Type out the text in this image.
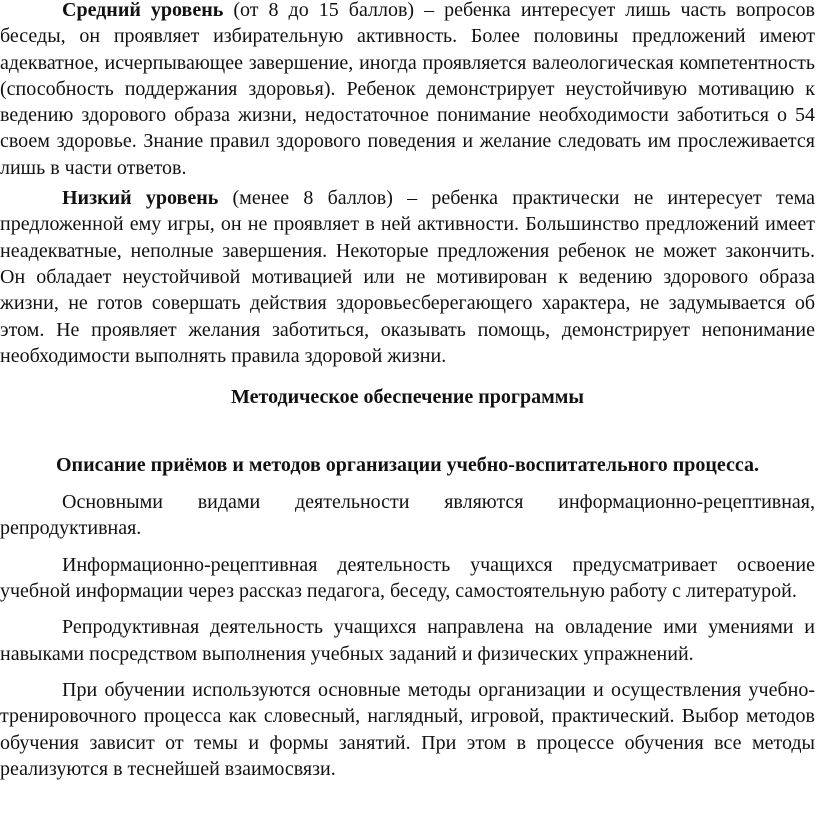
Средний уровень (от 8 до 15 баллов) – ребенка интересует лишь часть вопросов беседы, он проявляет избирательную активность. Более половины предложений имеют адекватное, исчерпывающее завершение, иногда проявляется валеологическая компетентность (способность поддержания здоровья). Ребенок демонстрирует неустойчивую мотивацию к ведению здорового образа жизни, недостаточное понимание необходимости заботиться о 54 своем здоровье. Знание правил здорового поведения и желание следовать им прослеживается лишь в части ответов.

Низкий уровень (менее 8 баллов) – ребенка практически не интересует тема предложенной ему игры, он не проявляет в ней активности. Большинство предложений имеет неадекватные, неполные завершения. Некоторые предложения ребенок не может закончить. Он обладает неустойчивой мотивацией или не мотивирован к ведению здорового образа жизни, не готов совершать действия здоровьесберегающего характера, не задумывается об этом. Не проявляет желания заботиться, оказывать помощь, демонстрирует непонимание необходимости выполнять правила здоровой жизни.

Методическое обеспечение программы

Описание приёмов и методов организации учебно-воспитательного процесса.

Основными видами деятельности являются информационно-рецептивная, репродуктивная.

Информационно-рецептивная деятельность учащихся предусматривает освоение учебной информации через рассказ педагога, беседу, самостоятельную работу с литературой.

Репродуктивная деятельность учащихся направлена на овладение ими умениями и навыками посредством выполнения учебных заданий и физических упражнений.

При обучении используются основные методы организации и осуществления учебно-тренировочного процесса как словесный, наглядный, игровой, практический. Выбор методов обучения зависит от темы и формы занятий. При этом в процессе обучения все методы реализуются в теснейшей взаимосвязи.
